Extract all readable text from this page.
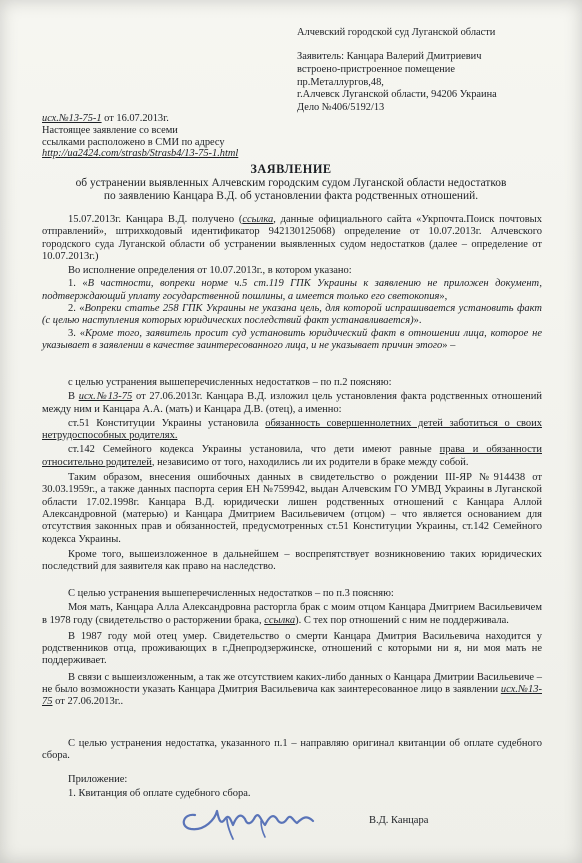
Алчевский городской суд Луганской области
Заявитель: Канцара Валерий Дмитриевич
встроено-пристроенное помещение
пр.Металлургов,48,
г.Алчевск Луганской области, 94206 Украина
Дело №406/5192/13
исх.№13-75-1 от 16.07.2013г.
Настоящее заявление со всеми
ссылками расположено в СМИ по адресу
http://ua2424.com/strasb/Strasb4/13-75-1.html
ЗАЯВЛЕНИЕ
об устранении выявленных Алчевским городским судом Луганской области недостатков
по заявлению Канцара В.Д. об установлении факта родственных отношений.

15.07.2013г. Канцара В.Д. получено (ссылка, данные официального сайта «Укрпочта.Поиск почтовых отправлений», штрихкодовый идентификатор 942130125068) определение от 10.07.2013г. Алчевского городского суда Луганской области об устранении выявленных судом недостатков (далее – определение от 10.07.2013г.)

Во исполнение определения от 10.07.2013г., в котором указано:

1. «В частности, вопреки норме ч.5 ст.119 ГПК Украины к заявлению не приложен документ, подтверждающий уплату государственной пошлины, а имеется только его светокопия»,

2. «Вопреки статье 258 ГПК Украины не указана цель, для которой испрашивается установить факт (с целью наступления которых юридических последствий факт устанавливается)».

3. «Кроме того, заявитель просит суд установить юридический факт в отношении лица, которое не указывает в заявлении в качестве заинтересованного лица, и не указывает причин этого» –

с целью устранения вышеперечисленных недостатков – по п.2 поясняю:

В исх.№13-75 от 27.06.2013г. Канцара В.Д. изложил цель установления факта родственных отношений между ним и Канцара А.А. (мать) и Канцара Д.В. (отец), а именно:

ст.51 Конституции Украины установила обязанность совершеннолетних детей заботиться о своих нетрудоспособных родителях.

ст.142 Семейного кодекса Украины установила, что дети имеют равные права и обязанности относительно родителей, независимо от того, находились ли их родители в браке между собой.

Таким образом, внесения ошибочных данных в свидетельство о рождении III-ЯР №914438 от 30.03.1959г., а также данных паспорта серия ЕН №759942, выдан Алчевским ГО УМВД Украины в Луганской области 17.02.1998г. Канцара В.Д. юридически лишен родственных отношений с Канцара Аллой Александровной (матерью) и Канцара Дмитрием Васильевичем (отцом) – что является основанием для отсутствия законных прав и обязанностей, предусмотренных ст.51 Конституции Украины, ст.142 Семейного кодекса Украины.

Кроме того, вышеизложенное в дальнейшем – воспрепятствует возникновению таких юридических последствий для заявителя как право на наследство.

С целью устранения вышеперечисленных недостатков – по п.3 поясняю:

Моя мать, Канцара Алла Александровна расторгла брак с моим отцом Канцара Дмитрием Васильевичем в 1978 году (свидетельство о расторжении брака, ссылка). С тех пор отношений с ним не поддерживала.

В 1987 году мой отец умер. Свидетельство о смерти Канцара Дмитрия Васильевича находится у родственников отца, проживающих в г.Днепродзержинске, отношений с которыми ни я, ни моя мать не поддерживает.

В связи с вышеизложенным, а так же отсутствием каких-либо данных о Канцара Дмитрии Васильевиче – не было возможности указать Канцара Дмитрия Васильевича как заинтересованное лицо в заявлении исх.№13-75 от 27.06.2013г..

С целью устранения недостатка, указанного п.1 – направляю оригинал квитанции об оплате судебного сбора.

Приложение:

1. Квитанция об оплате судебного сбора.

В.Д. Канцара
